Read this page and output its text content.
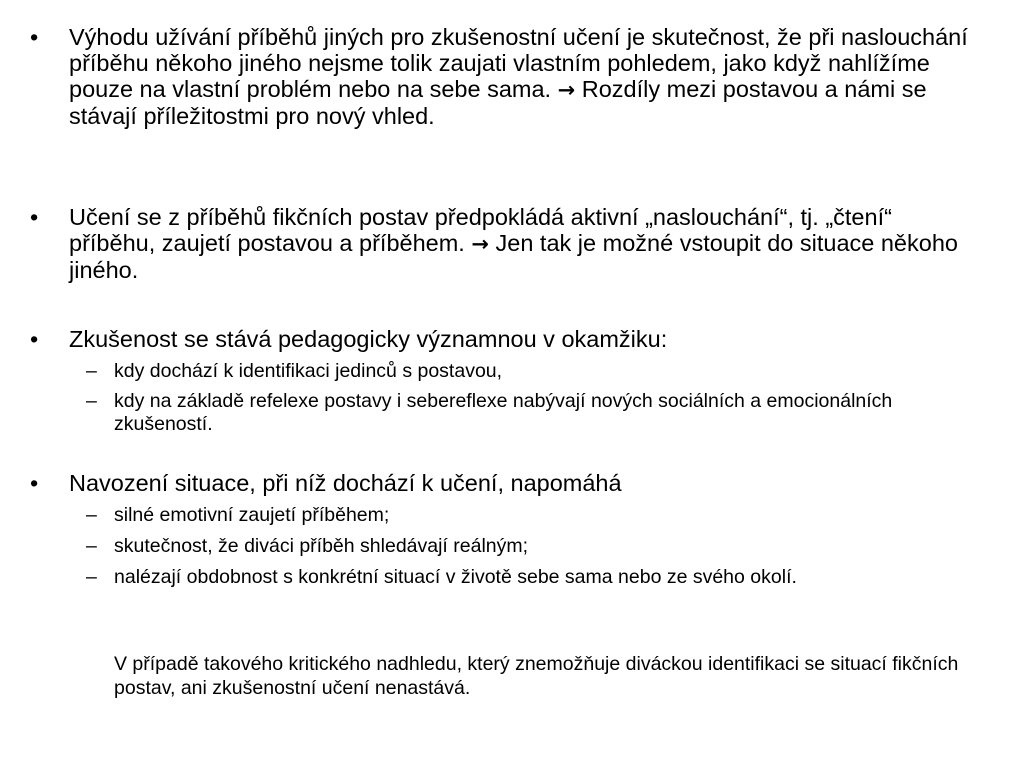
•	Výhodu užívání příběhů jiných pro zkušenostní učení je skutečnost, že při naslouchání příběhu někoho jiného nejsme tolik zaujati vlastním pohledem, jako když nahlížíme pouze na vlastní problém nebo na sebe sama. → Rozdíly mezi postavou a námi se stávají příležitostmi pro nový vhled.
•	Učení se z příběhů fikčních postav předpokládá aktivní „naslouchání“, tj. „čtení“ příběhu, zaujetí postavou a příběhem. → Jen tak je možné vstoupit do situace někoho jiného.
•	Zkušenost se stává pedagogicky významnou v okamžiku:
– kdy dochází k identifikaci jedinců s postavou,
– kdy na základě refelexe postavy i sebereflexe nabývají nových sociálních a emocionálních zkušeností.
•	Navození situace, při níž dochází k učení, napomáhá
– silné emotivní zaujetí příběhem;
– skutečnost, že diváci příběh shledávají reálným;
– nalézají obdobnost s konkrétní situací v životě sebe sama nebo ze svého okolí.
V případě takového kritického nadhledu, který znemožňuje diváckou identifikaci se situací fikčních postav, ani zkušenostní učení nenastává.
